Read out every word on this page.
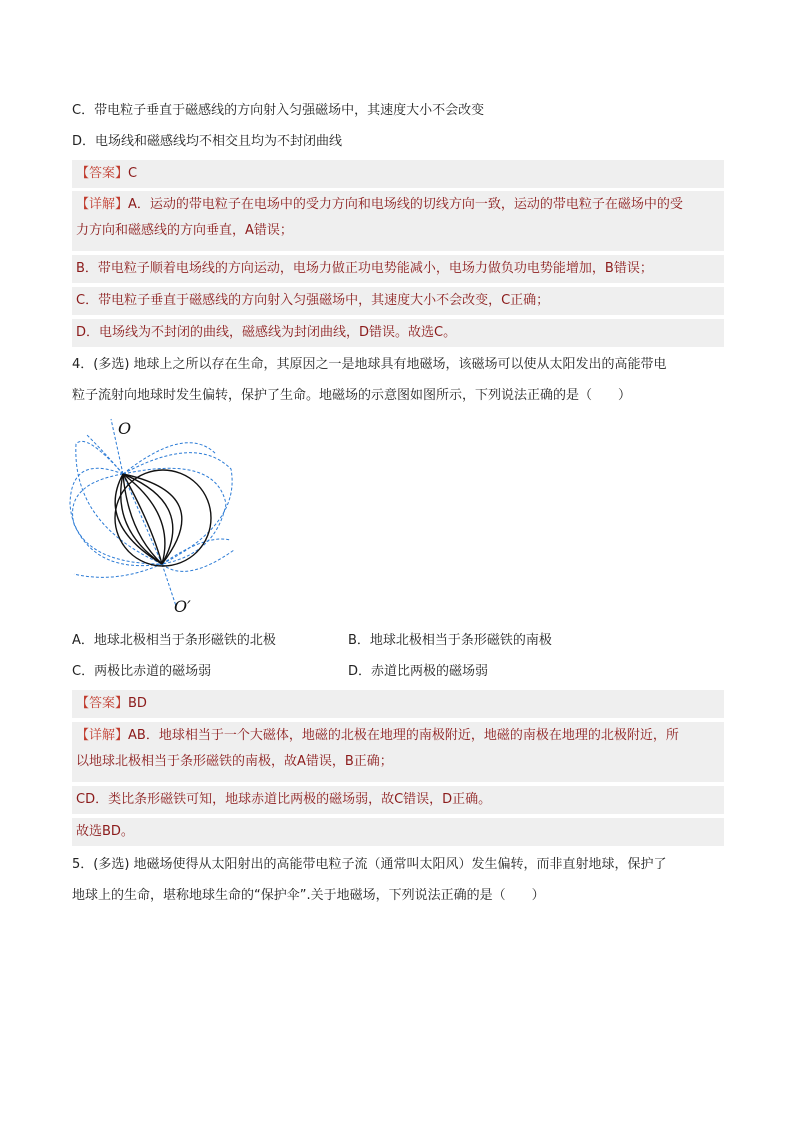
C．带电粒子垂直于磁感线的方向射入匀强磁场中，其速度大小不会改变
D．电场线和磁感线均不相交且均为不封闭曲线
【答案】C
【详解】A．运动的带电粒子在电场中的受力方向和电场线的切线方向一致，运动的带电粒子在磁场中的受
力方向和磁感线的方向垂直，A错误；
B．带电粒子顺着电场线的方向运动，电场力做正功电势能减小，电场力做负功电势能增加，B错误；
C．带电粒子垂直于磁感线的方向射入匀强磁场中，其速度大小不会改变，C正确；
D．电场线为不封闭的曲线，磁感线为封闭曲线，D错误。故选C。
4．(多选) 地球上之所以存在生命，其原因之一是地球具有地磁场，该磁场可以使从太阳发出的高能带电
粒子流射向地球时发生偏转，保护了生命。地磁场的示意图如图所示，下列说法正确的是（　　）
O
O′
A．地球北极相当于条形磁铁的北极	B．地球北极相当于条形磁铁的南极
C．两极比赤道的磁场弱	D．赤道比两极的磁场弱
【答案】BD
【详解】AB．地球相当于一个大磁体，地磁的北极在地理的南极附近，地磁的南极在地理的北极附近，所
以地球北极相当于条形磁铁的南极，故A错误，B正确；
CD．类比条形磁铁可知，地球赤道比两极的磁场弱，故C错误，D正确。
故选BD。
5．(多选) 地磁场使得从太阳射出的高能带电粒子流（通常叫太阳风）发生偏转，而非直射地球，保护了
地球上的生命，堪称地球生命的“保护伞”.关于地磁场，下列说法正确的是（　　）
